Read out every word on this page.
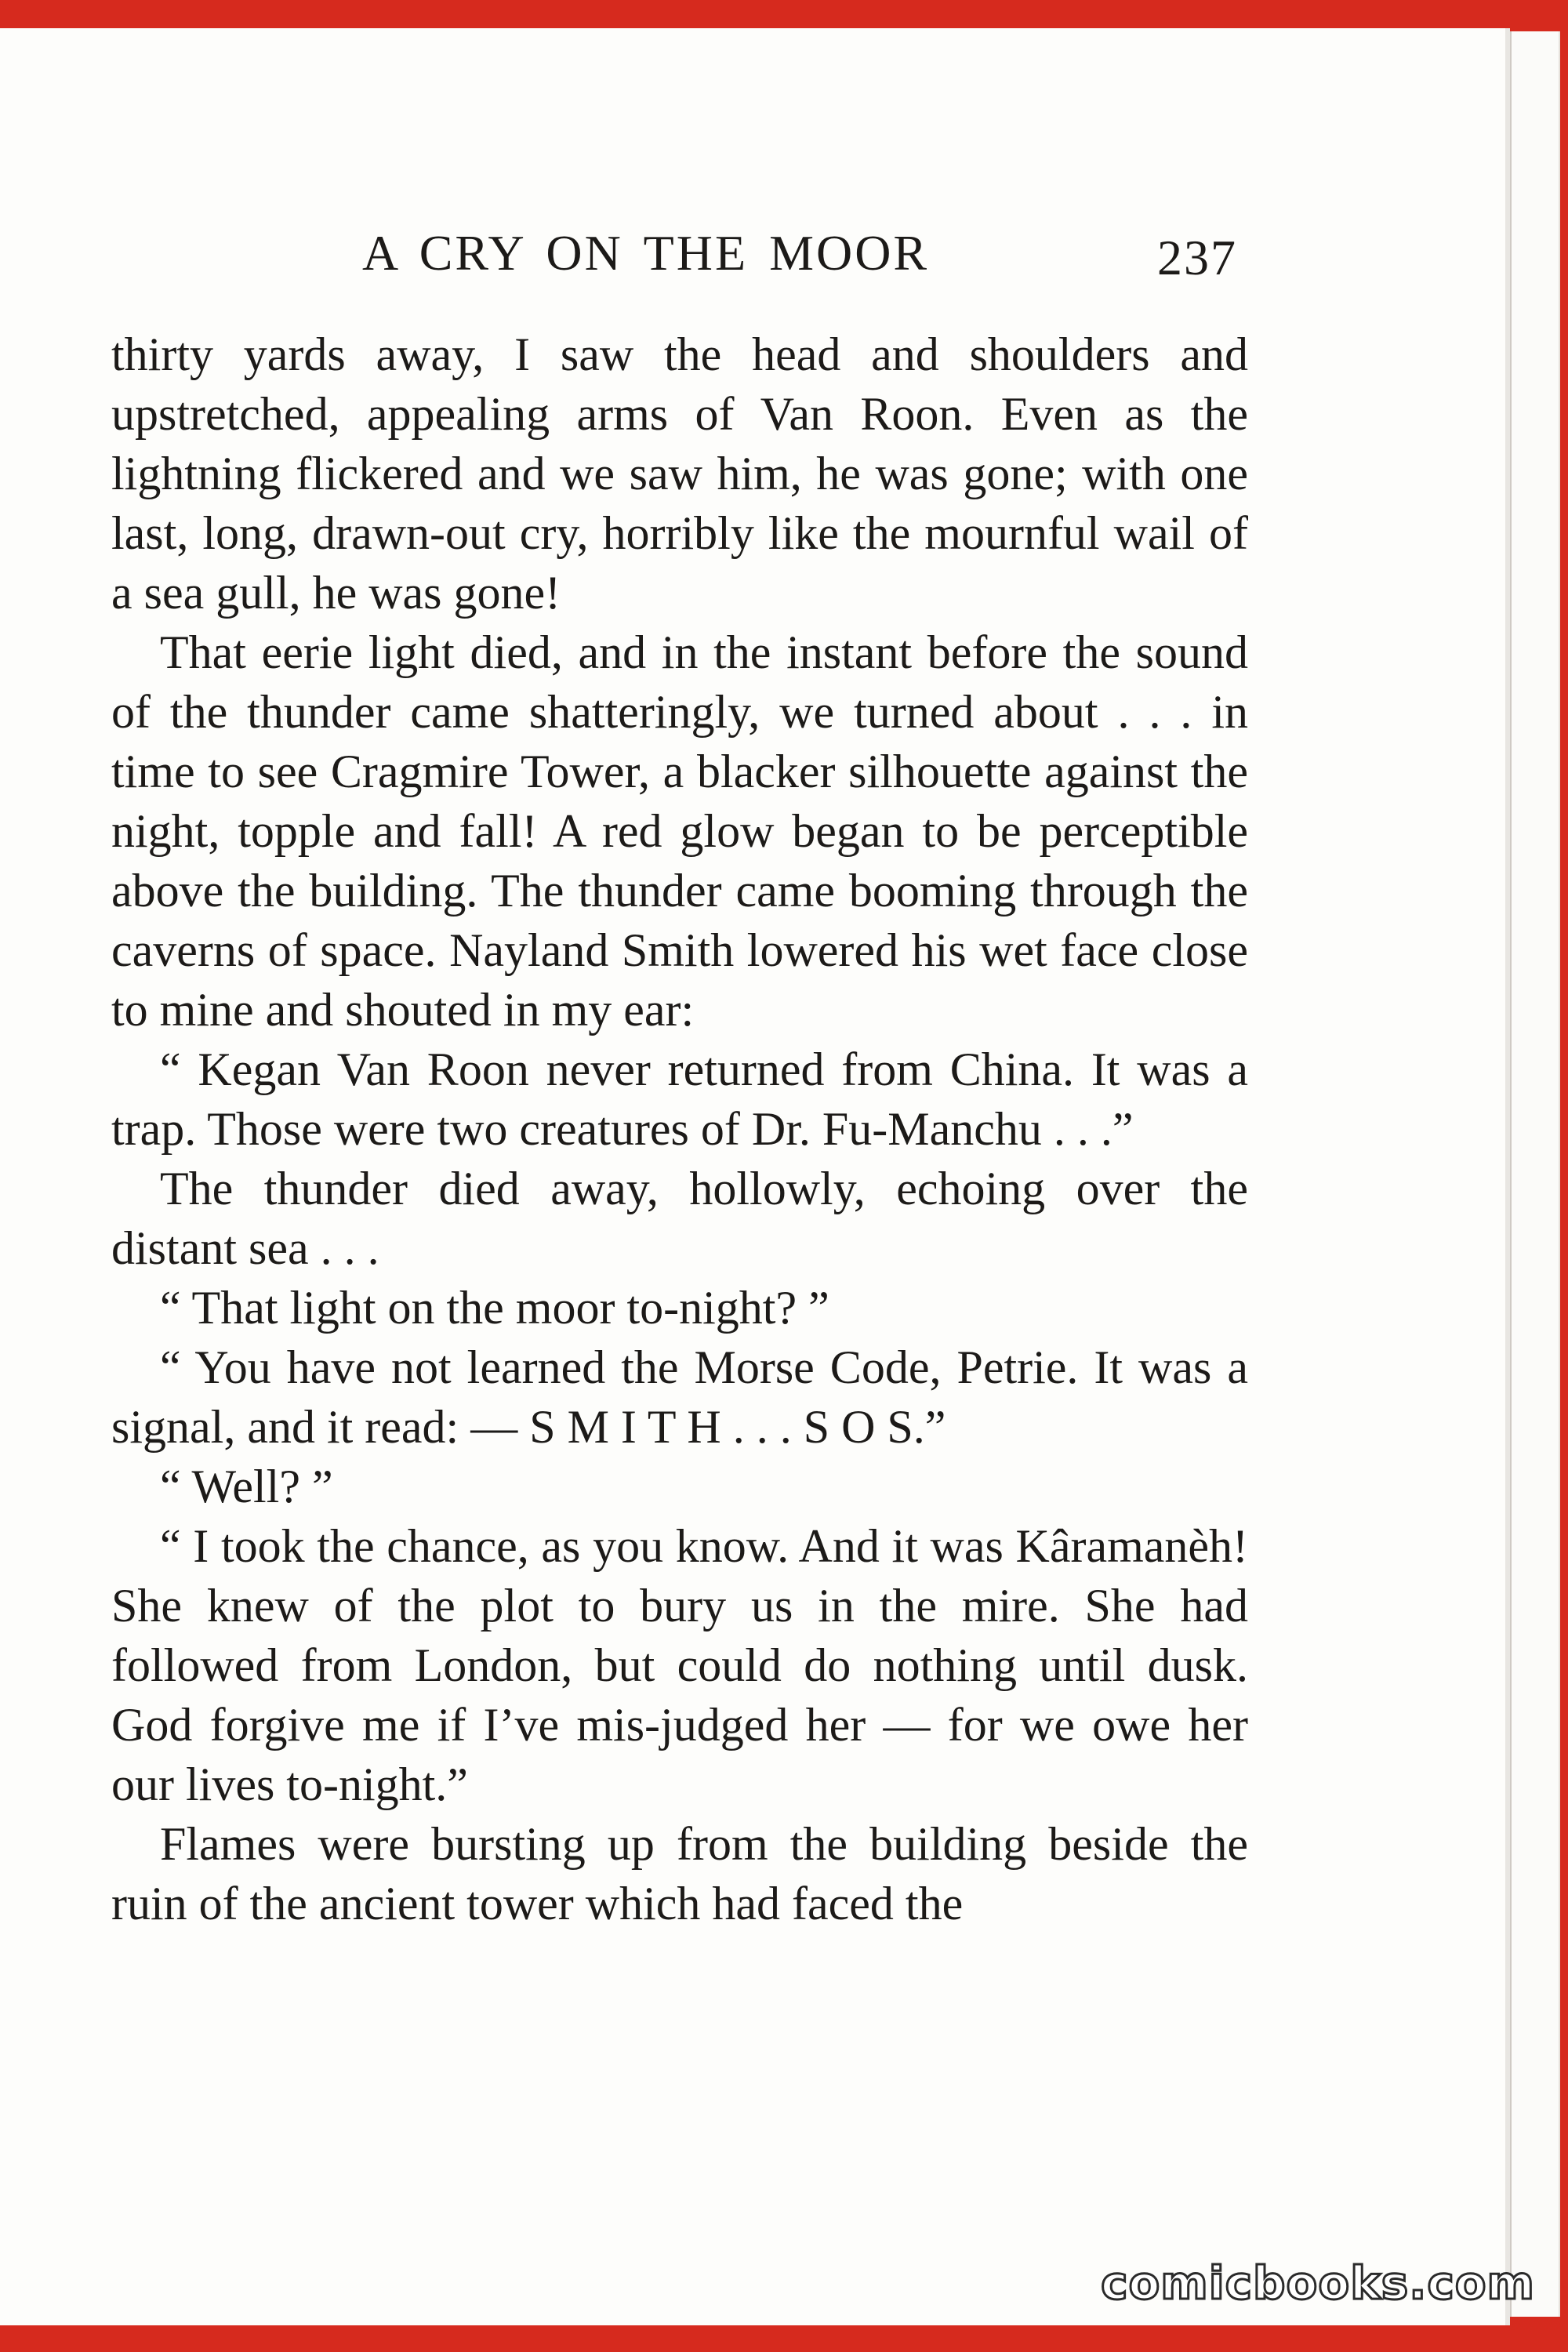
A CRY ON THE MOOR	237

thirty yards away, I saw the head and shoulders and upstretched, appealing arms of Van Roon. Even as the lightning flickered and we saw him, he was gone; with one last, long, drawn-out cry, horribly like the mournful wail of a sea gull, he was gone!

That eerie light died, and in the instant before the sound of the thunder came shatteringly, we turned about . . . in time to see Cragmire Tower, a blacker silhouette against the night, topple and fall! A red glow began to be perceptible above the building. The thunder came booming through the caverns of space. Nayland Smith lowered his wet face close to mine and shouted in my ear:

“ Kegan Van Roon never returned from China. It was a trap. Those were two creatures of Dr. Fu-Manchu . . .”

The thunder died away, hollowly, echoing over the distant sea . . .

“ That light on the moor to-night? ”

“ You have not learned the Morse Code, Petrie. It was a signal, and it read: — S M I T H . . . S O S.”

“ Well? ”

“ I took the chance, as you know. And it was Kâramanèh! She knew of the plot to bury us in the mire. She had followed from London, but could do nothing until dusk. God forgive me if I’ve mis-judged her — for we owe her our lives to-night.”

Flames were bursting up from the building beside the ruin of the ancient tower which had faced the

comicbooks.com
